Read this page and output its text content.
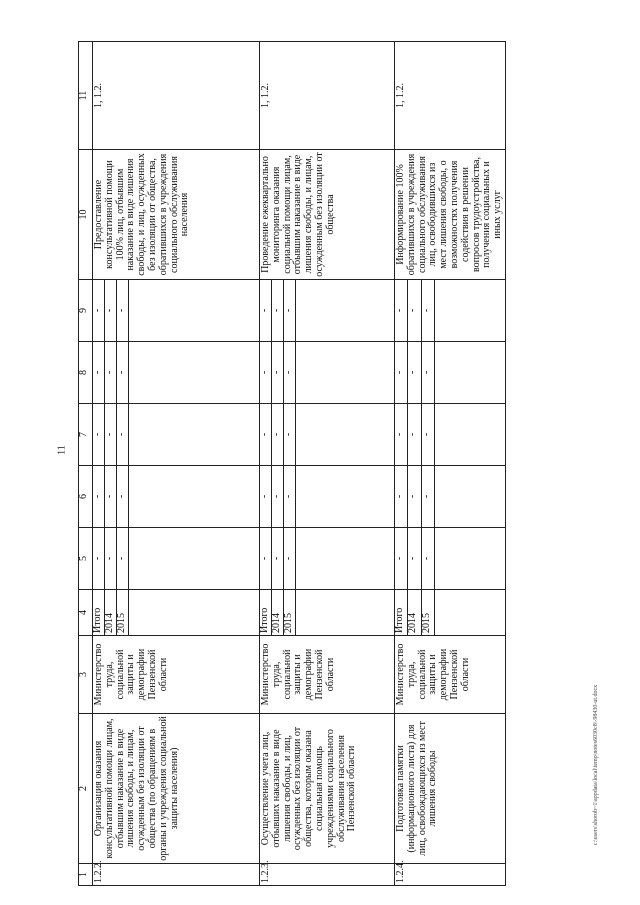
11
1	2	3	4	5	6	7	8	9	10	11
1.2.2.	Организация оказания консультативной помощи лицам, отбывшим наказание в виде лишения свободы, и лицам, осужденным без изоляции от общества (по обращениям в органы и учреждения социальной защиты населения)	Министерство труда, социальной защиты и демографии Пензенской области	Итого	-	-	-	-	-	Предоставление консультативной помощи 100% лиц, отбывшим наказание в виде лишения свободы, и лиц, осужденных без изоляции от общества, обратившихся в учреждения социального обслуживания населения	1, 1.2.
			2014	-	-	-	-	-		
			2015	-	-	-	-	-		

1.2.3.	Осуществление учета лиц, отбывших наказание в виде лишения свободы, и лиц, осужденных без изоляции от общества, которым оказана социальная помощь учреждениями социального обслуживания населения Пензенской области	Министерство труда, социальной защиты и демографии Пензенской области	Итого	-	-	-	-	-	Проведение ежеквартально мониторинга оказания социальной помощи лицам, отбывшим наказание в виде лишения свободы, и лицам, осужденным без изоляции от общества	1, 1.2.
			2014	-	-	-	-	-		
			2015	-	-	-	-	-		

1.2.4.	Подготовка памятки (информационного листа) для лиц, освобождающихся из мест лишения свободы	Министерство труда, социальной защиты и демографии Пензенской области	Итого	-	-	-	-	-	Информирование 100% обратившихся в учреждения социального обслуживания лиц, освободившихся из мест лишения свободы, о возможностях получения содействия в решении вопросов трудоустройства, получения социальных и иных услуг	1, 1.2.
			2014	-	-	-	-	-		
			2015	-	-	-	-	-		

c:\users\shorob~1\appdata\local\temp\notes6030c8\-98430-ut.docx
